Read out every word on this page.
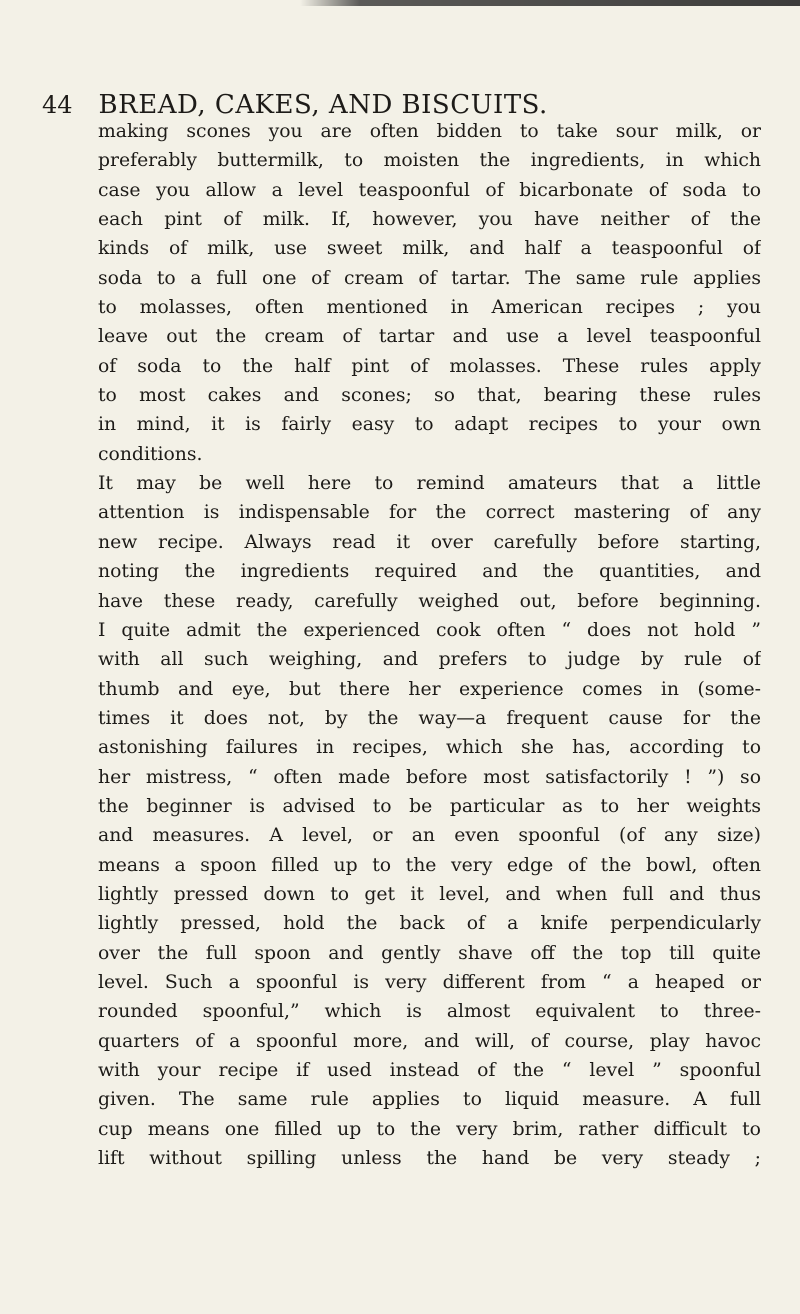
44 BREAD, CAKES, AND BISCUITS.
making scones you are often bidden to take sour milk, or
preferably buttermilk, to moisten the ingredients, in which
case you allow a level teaspoonful of bicarbonate of soda to
each pint of milk. If, however, you have neither of the
kinds of milk, use sweet milk, and half a teaspoonful of
soda to a full one of cream of tartar. The same rule applies
to molasses, often mentioned in American recipes ; you
leave out the cream of tartar and use a level teaspoonful
of soda to the half pint of molasses. These rules apply
to most cakes and scones; so that, bearing these rules
in mind, it is fairly easy to adapt recipes to your own
conditions.
It may be well here to remind amateurs that a little
attention is indispensable for the correct mastering of any
new recipe. Always read it over carefully before starting,
noting the ingredients required and the quantities, and
have these ready, carefully weighed out, before beginning.
I quite admit the experienced cook often “ does not hold ”
with all such weighing, and prefers to judge by rule of
thumb and eye, but there her experience comes in (some-
times it does not, by the way—a frequent cause for the
astonishing failures in recipes, which she has, according to
her mistress, “ often made before most satisfactorily ! ”) so
the beginner is advised to be particular as to her weights
and measures. A level, or an even spoonful (of any size)
means a spoon filled up to the very edge of the bowl, often
lightly pressed down to get it level, and when full and thus
lightly pressed, hold the back of a knife perpendicularly
over the full spoon and gently shave off the top till quite
level. Such a spoonful is very different from “ a heaped or
rounded spoonful,” which is almost equivalent to three-
quarters of a spoonful more, and will, of course, play havoc
with your recipe if used instead of the “ level ” spoonful
given. The same rule applies to liquid measure. A full
cup means one filled up to the very brim, rather difficult to
lift without spilling unless the hand be very steady ;
